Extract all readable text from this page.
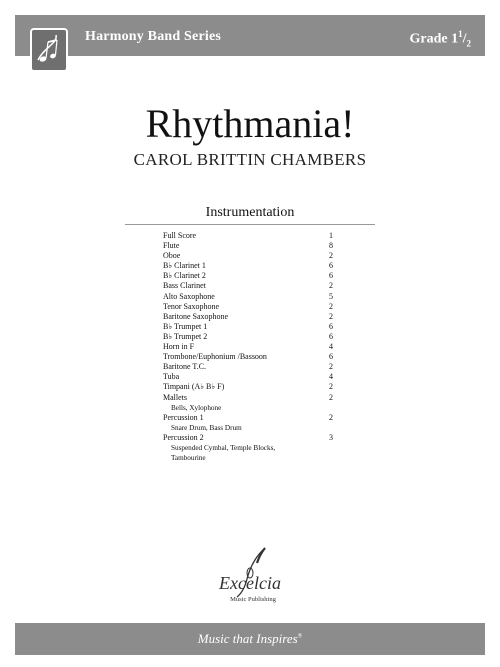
Harmony Band Series	Grade $1^1/_2$
Rhythmania!
CAROL BRITTIN CHAMBERS
Instrumentation
Full Score	1
Flute	8
Oboe	2
B♭ Clarinet 1	6
B♭ Clarinet 2	6
Bass Clarinet	2
Alto Saxophone	5
Tenor Saxophone	2
Baritone Saxophone	2
B♭ Trumpet 1	6
B♭ Trumpet 2	6
Horn in F	4
Trombone/Euphonium /Bassoon	6
Baritone T.C.	2
Tuba	4
Timpani (A♭ B♭ F)	2
Mallets	2
Bells, Xylophone
Percussion 1	2
Snare Drum, Bass Drum
Percussion 2	3
Suspended Cymbal, Temple Blocks,
Tambourine
Excelcia
Music Publishing
Music that Inspires®
